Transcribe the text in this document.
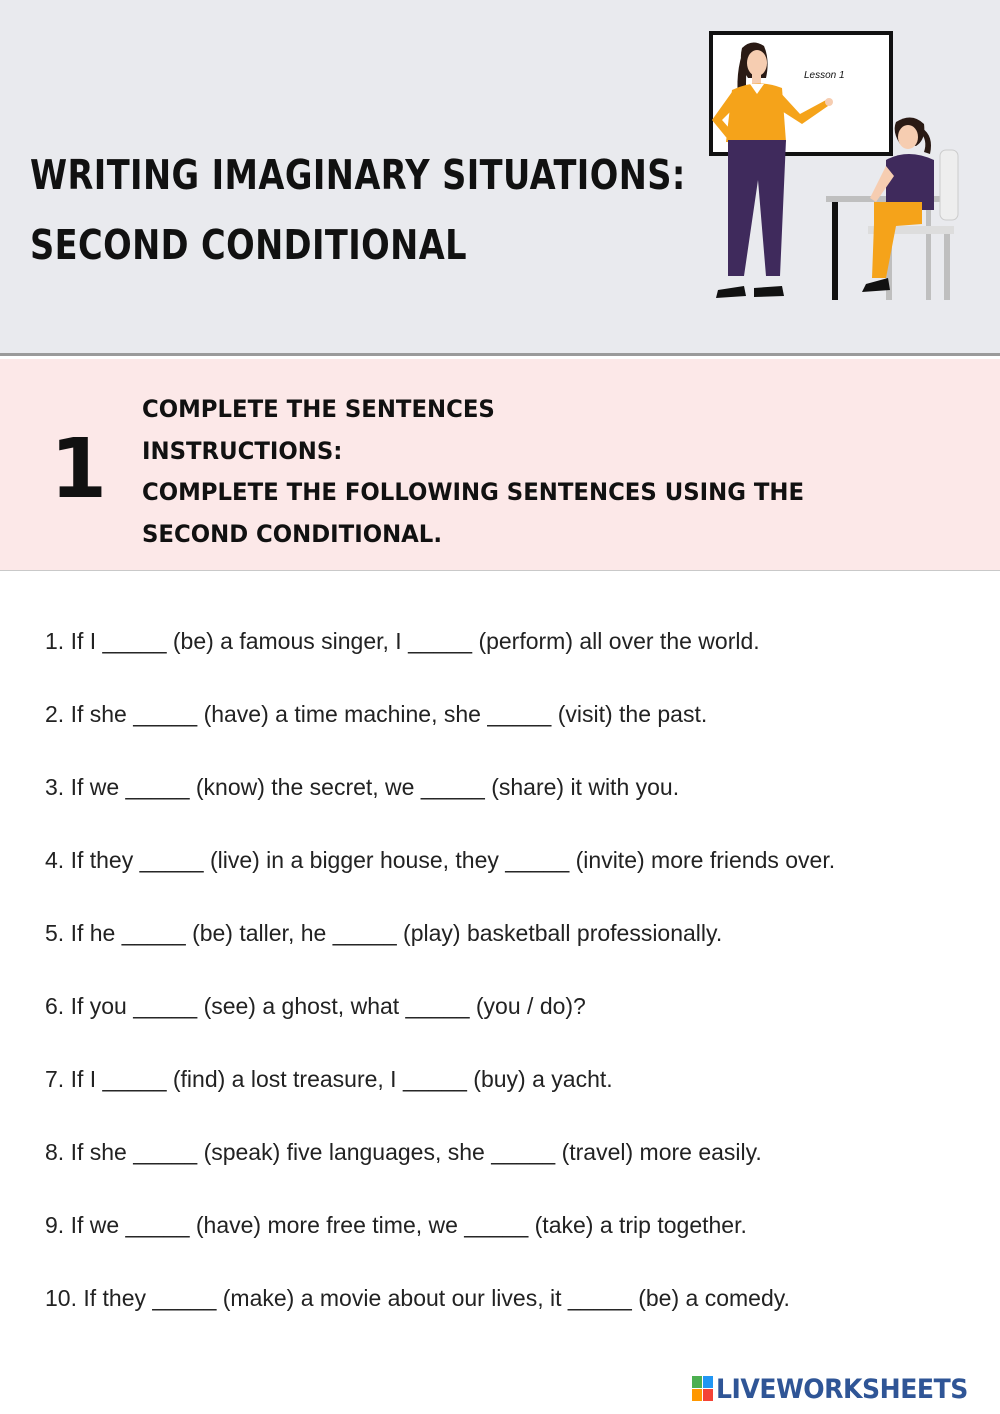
WRITING IMAGINARY SITUATIONS:
SECOND CONDITIONAL
Lesson 1
1
COMPLETE THE SENTENCES
INSTRUCTIONS:
COMPLETE THE FOLLOWING SENTENCES USING THE
SECOND CONDITIONAL.
1. If I _____ (be) a famous singer, I _____ (perform) all over the world.
2. If she _____ (have) a time machine, she _____ (visit) the past.
3. If we _____ (know) the secret, we _____ (share) it with you.
4. If they _____ (live) in a bigger house, they _____ (invite) more friends over.
5. If he _____ (be) taller, he _____ (play) basketball professionally.
6. If you _____ (see) a ghost, what _____ (you / do)?
7. If I _____ (find) a lost treasure, I _____ (buy) a yacht.
8. If she _____ (speak) five languages, she _____ (travel) more easily.
9. If we _____ (have) more free time, we _____ (take) a trip together.
10. If they _____ (make) a movie about our lives, it _____ (be) a comedy.
LIVEWORKSHEETS
